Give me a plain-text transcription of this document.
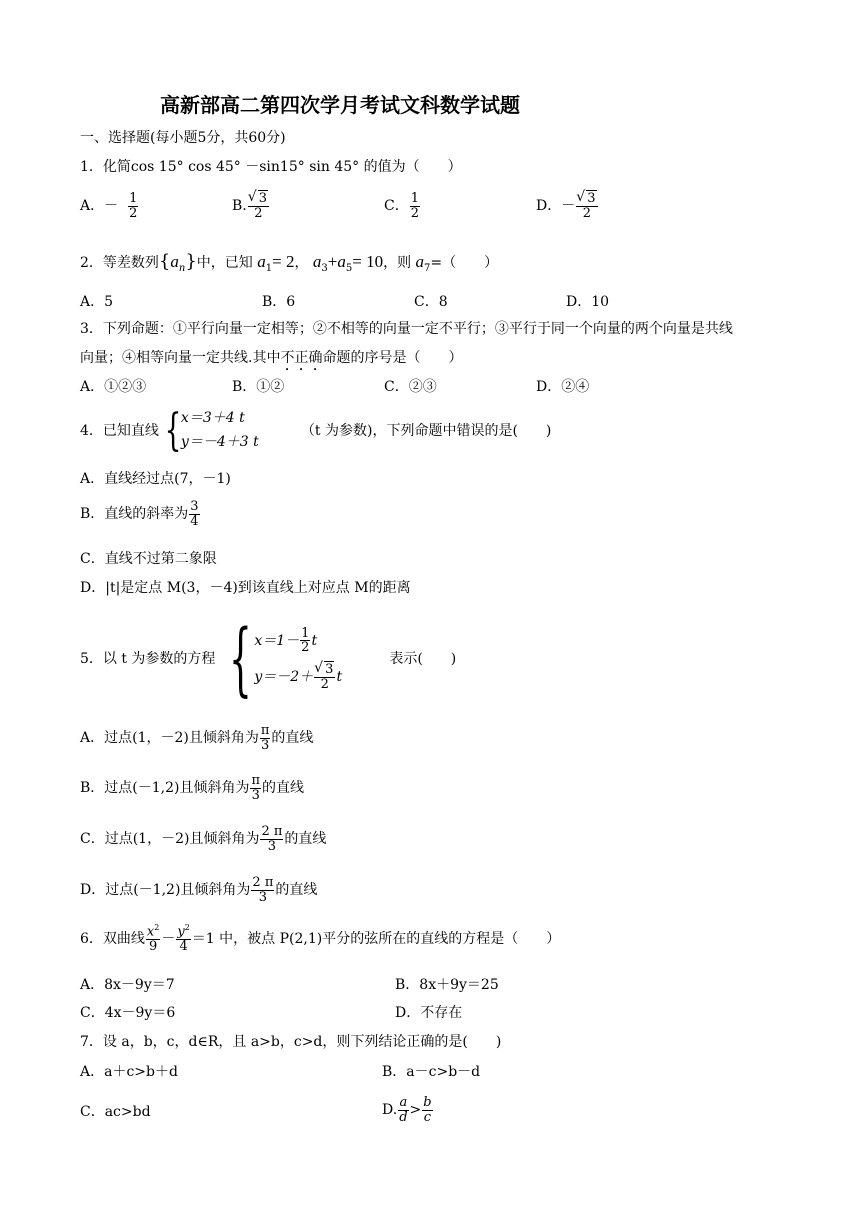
高新部高二第四次学月考试文科数学试题
一、选择题(每小题5分，共60分)
1．化简cos 15° cos 45° －sin15° sin 45° 的值为（　　）
A．－ $\frac{1}{2}$	B. √ $\frac{3}{2}$	C． $\frac{1}{2}$	D．－ √ $\frac{3}{2}$
2．等差数列$\{a_n\}$中，已知 $a_1= 2$， $a_3+a_5= 10$，则 $a_7=$（　　）
A．5	B．6	C．8	D．10
3．下列命题：①平行向量一定相等；②不相等的向量一定不平行；③平行于同一个向量的两个向量是共线
向量；④相等向量一定共线.其中不正确命题的序号是（　　）
A．①②③	B．①②	C．②③	D．②④
4．已知直线 { x＝3＋4 t
y＝－4＋3 t
（t 为参数)，下列命题中错误的是(　　)
A．直线经过点(7，－1)
B．直线的斜率为 $\frac{3}{4}$
C．直线不过第二象限
D．|t|是定点 M(3，－4)到该直线上对应点 M的距离
5．以 t 为参数的方程 { $x=1- \frac{1}{2}$ t
y＝－2＋ √ $\frac{3}{2}$ t
表示(　　)
A．过点(1，－2)且倾斜角为 $\frac{\pi}{3}$ 的直线
B．过点(－1,2)且倾斜角为 $\frac{\pi}{3}$ 的直线
C．过点(1，－2)且倾斜角为 $\frac{2 \pi}{3}$ 的直线
D．过点(－1,2)且倾斜角为 $\frac{2 \pi}{3}$ 的直线
6．双曲线 $\frac{x^2}{9} - \frac{y^2}{4} =1$ 中，被点 P(2,1)平分的弦所在的直线的方程是（　　）
A．8x－9y＝7	B．8x＋9y＝25
C．4x－9y＝6	D．不存在
7．设 a，b，c，d∈R，且 a>b，c>d，则下列结论正确的是(　　)
A．a＋c>b＋d	B．a－c>b－d
C．ac>bd	D. $\frac{a}{d} > \frac{b}{c}$
